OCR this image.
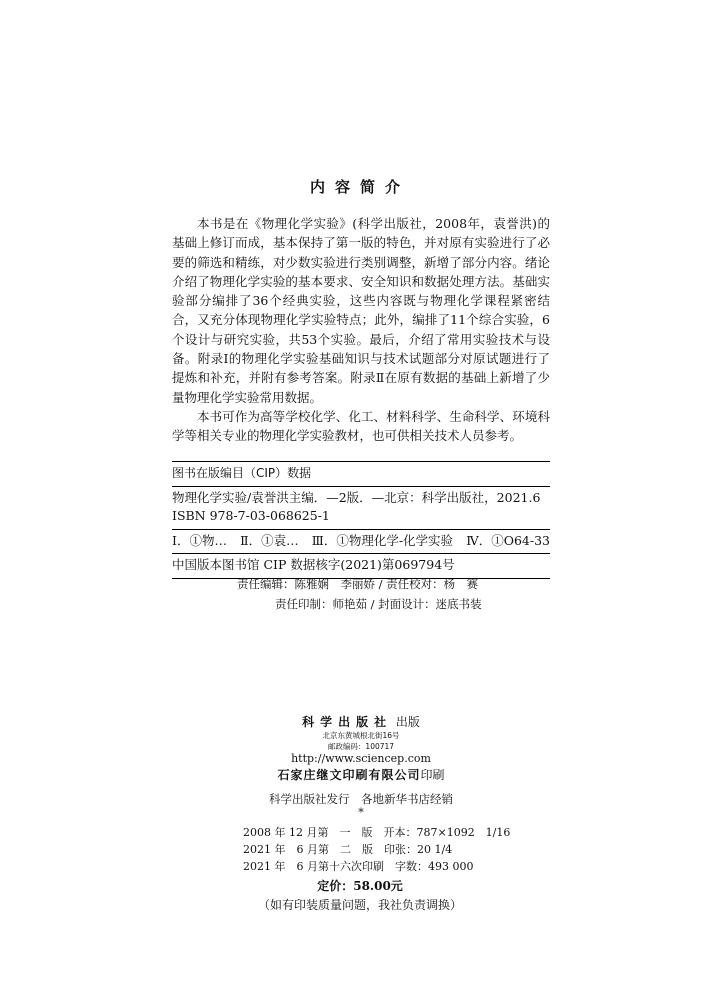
内容简介

本书是在《物理化学实验》(科学出版社，2008年，袁誉洪)的基础上修订而成，基本保持了第一版的特色，并对原有实验进行了必要的筛选和精练，对少数实验进行类别调整，新增了部分内容。绪论介绍了物理化学实验的基本要求、安全知识和数据处理方法。基础实验部分编排了36个经典实验，这些内容既与物理化学课程紧密结合，又充分体现物理化学实验特点；此外，编排了11个综合实验，6个设计与研究实验，共53个实验。最后，介绍了常用实验技术与设备。附录Ⅰ的物理化学实验基础知识与技术试题部分对原试题进行了提炼和补充，并附有参考答案。附录Ⅱ在原有数据的基础上新增了少量物理化学实验常用数据。

本书可作为高等学校化学、化工、材料科学、生命科学、环境科学等相关专业的物理化学实验教材，也可供相关技术人员参考。

图书在版编目（CIP）数据
物理化学实验/袁誉洪主编．—2版．—北京：科学出版社，2021.6
ISBN 978-7-03-068625-1
Ⅰ．①物… Ⅱ．①袁… Ⅲ．①物理化学-化学实验 Ⅳ．①O64-33
中国版本图书馆 CIP 数据核字(2021)第069794号
责任编辑：陈雅娴　李丽娇 / 责任校对：杨　赛
责任印制：师艳茹 / 封面设计：迷底书装
科学出版社 出版
北京东黄城根北街16号
邮政编码：100717
http://www.sciencep.com
石家庄继文印刷有限公司印刷
科学出版社发行　各地新华书店经销
*
2008 年 12 月第　一　版　开本：787×1092　1/16
2021 年　6 月第　二　版　印张：20 1/4
2021 年　6 月第十六次印刷　字数：493 000
定价：58.00元
（如有印装质量问题，我社负责调换）
